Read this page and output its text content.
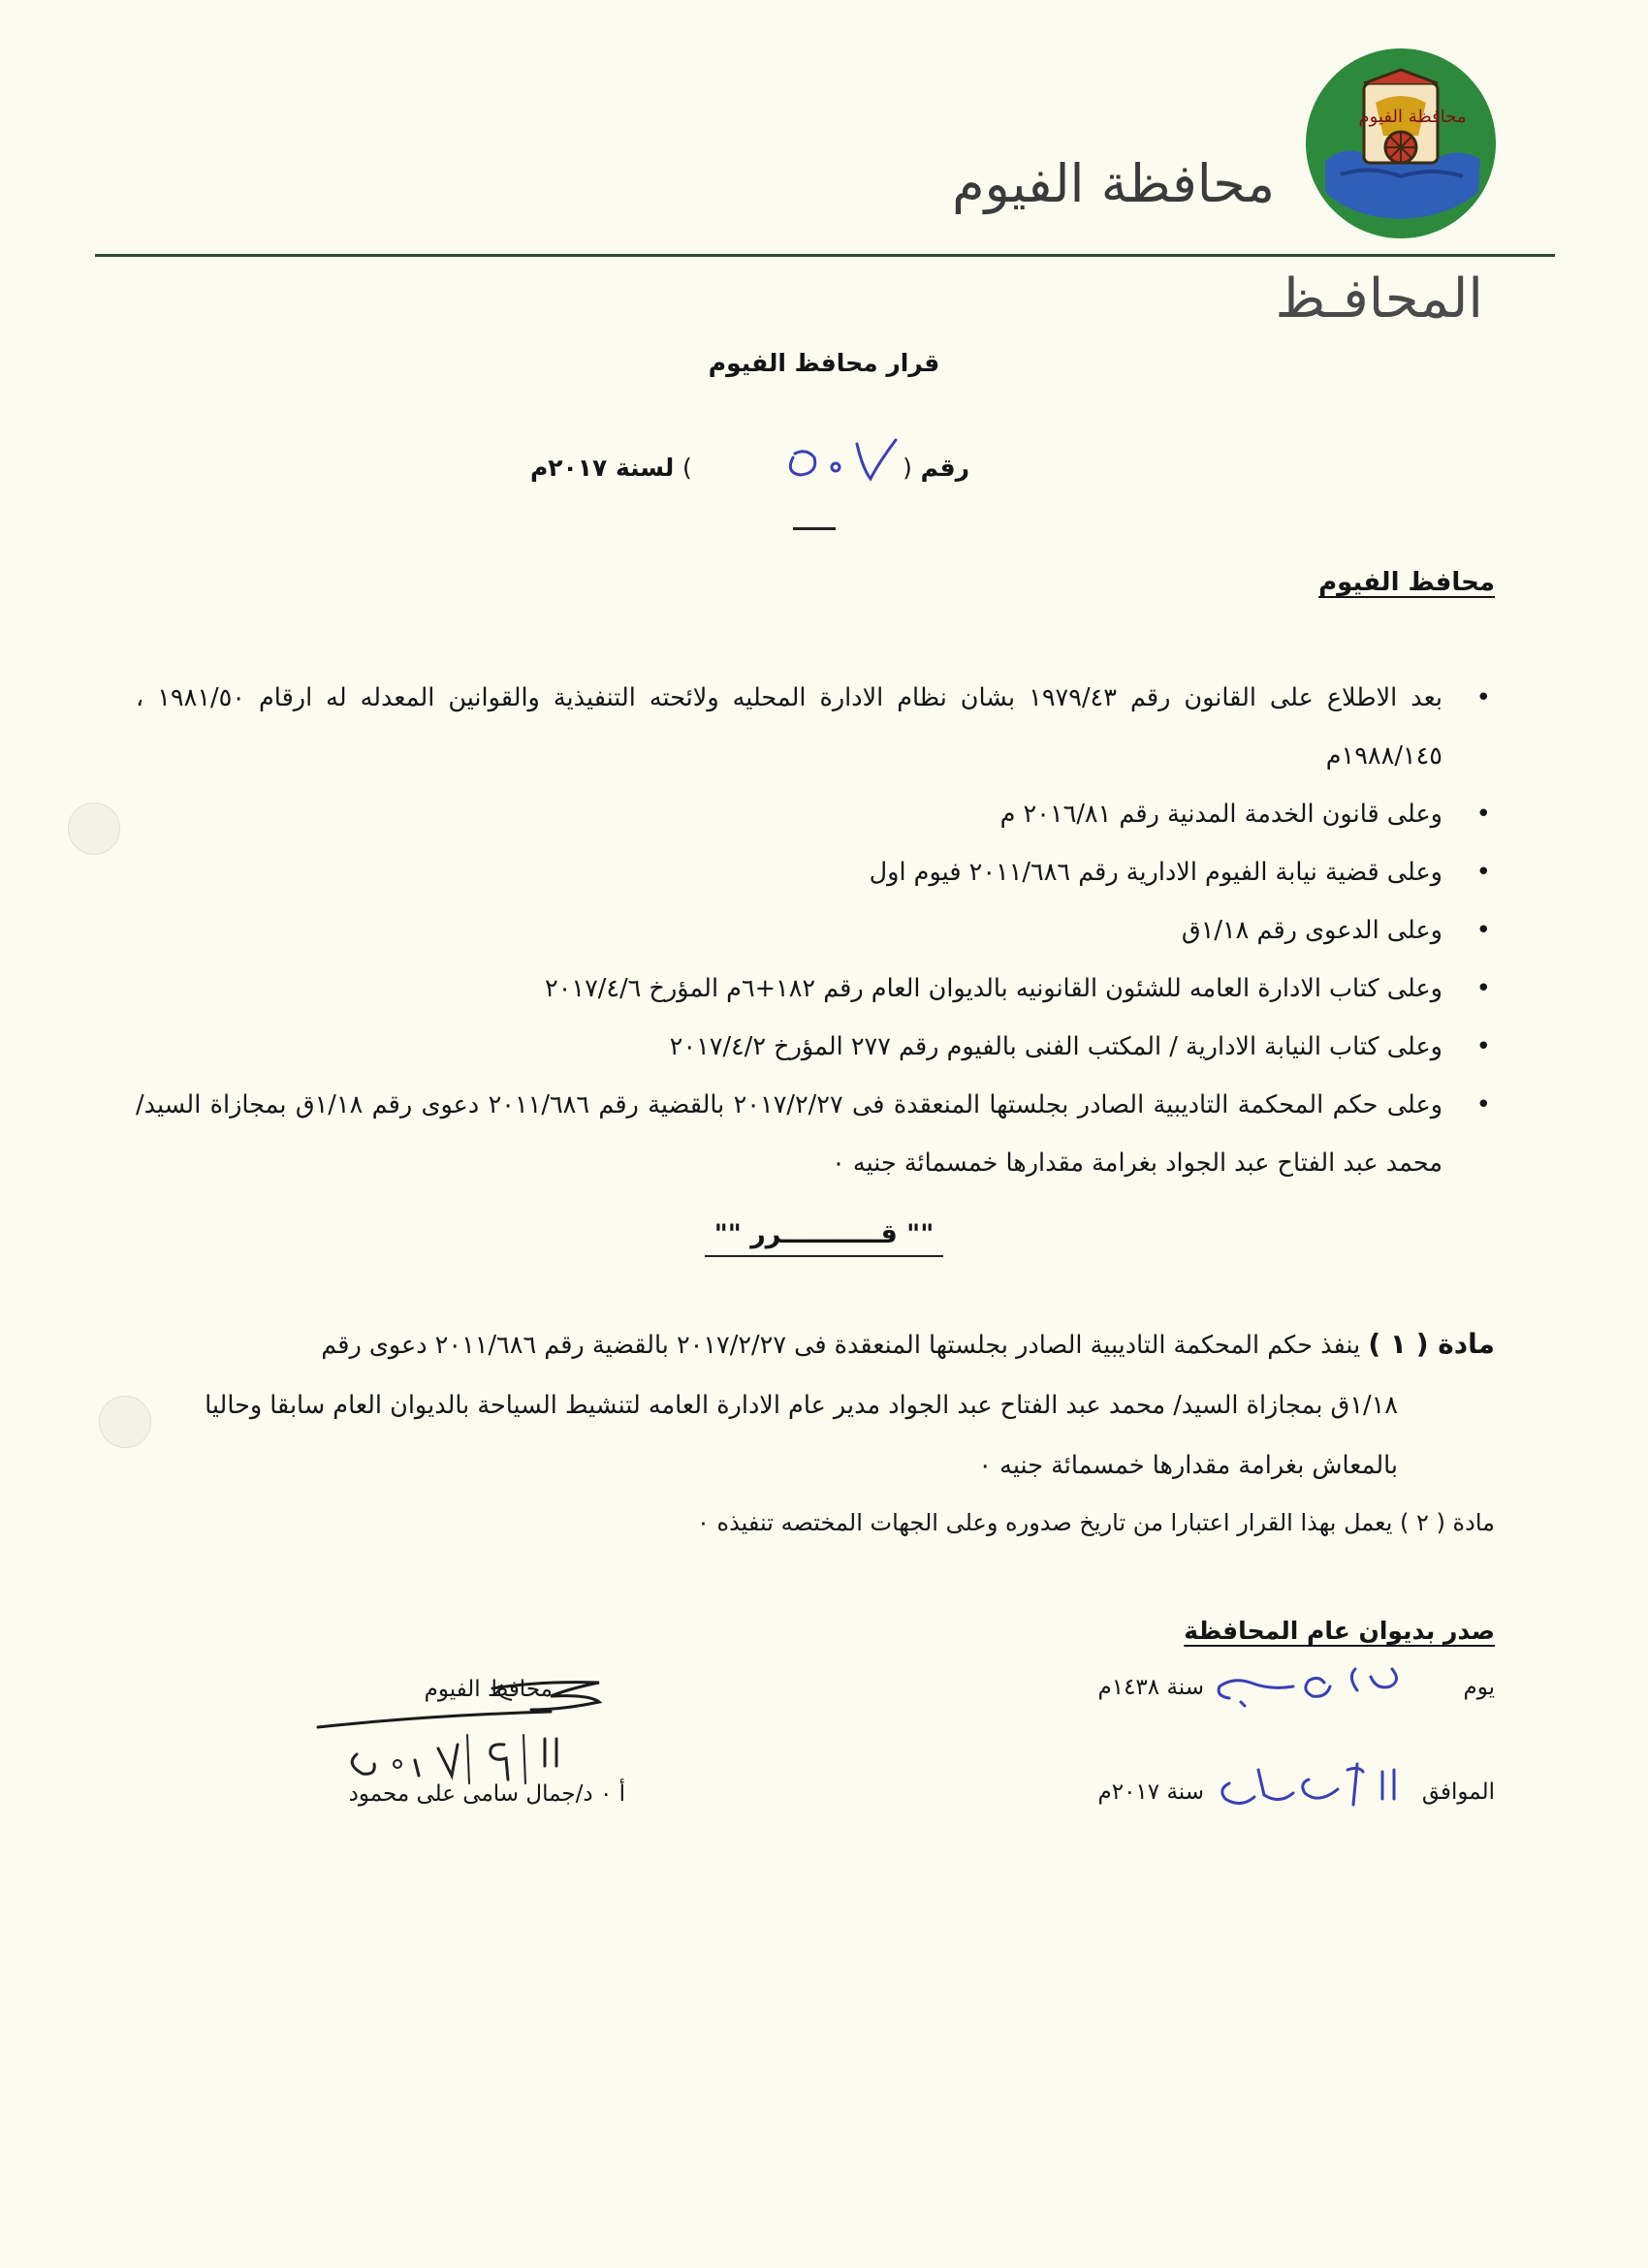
محافظة الفيوم
محافظة الفيوم
المحافـظ
قرار محافظ الفيوم
رقم (  ) لسنة ٢٠١٧م
محافظ الفيوم
•
بعد الاطلاع على القانون رقم ١٩٧٩/٤٣ بشان نظام الادارة المحليه ولائحته التنفيذية والقوانين المعدله له ارقام ١٩٨١/٥٠ ، ١٩٨٨/١٤٥م
•
وعلى قانون الخدمة المدنية رقم ٢٠١٦/٨١ م
•
وعلى قضية نيابة الفيوم الادارية رقم ٢٠١١/٦٨٦ فيوم اول
•
وعلى الدعوى رقم ١/١٨ق
•
وعلى كتاب الادارة العامه للشئون القانونيه بالديوان العام رقم ١٨٢+٦م المؤرخ ٢٠١٧/٤/٦
•
وعلى كتاب النيابة الادارية / المكتب الفنى بالفيوم رقم ٢٧٧ المؤرخ ٢٠١٧/٤/٢
•
وعلى حكم المحكمة التاديبية الصادر بجلستها المنعقدة فى ٢٠١٧/٢/٢٧ بالقضية رقم ٢٠١١/٦٨٦ دعوى رقم ١/١٨ق بمجازاة السيد/ محمد عبد الفتاح عبد الجواد بغرامة مقدارها خمسمائة جنيه ٠
"" قـــــــــــرر ""
مادة ( ١ ) ينفذ حكم المحكمة التاديبية الصادر بجلستها المنعقدة فى ٢٠١٧/٢/٢٧ بالقضية رقم ٢٠١١/٦٨٦ دعوى رقم
١/١٨ق بمجازاة السيد/ محمد عبد الفتاح عبد الجواد مدير عام الادارة العامه لتنشيط السياحة بالديوان العام سابقا وحاليا بالمعاش بغرامة مقدارها خمسمائة جنيه ٠
مادة ( ٢ ) يعمل بهذا القرار اعتبارا من تاريخ صدوره وعلى الجهات المختصه تنفيذه ٠
صدر بديوان عام المحافظة
يوم
سنة ١٤٣٨م
الموافق
سنة ٢٠١٧م
محافظ الفيوم
أ ٠ د/جمال سامى على محمود
